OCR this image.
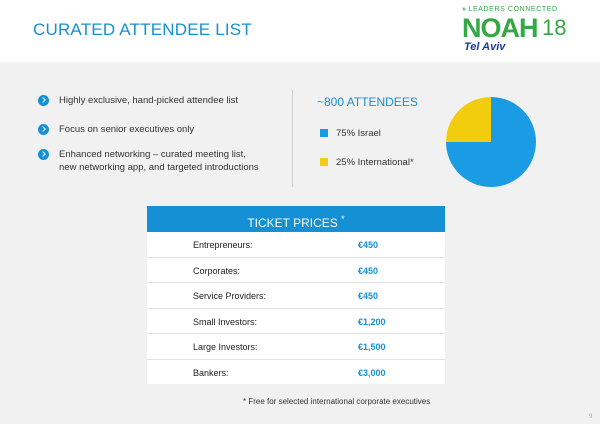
CURATED ATTENDEE LIST
» LEADERS CONNECTED
NOAH 18
Tel Aviv
Highly exclusive, hand-picked attendee list
Focus on senior executives only
Enhanced networking – curated meeting list,
new networking app, and targeted introductions
~800 ATTENDEES
75% Israel
25% International*
TICKET PRICES *
Entrepreneurs:	€450
Corporates:	€450
Service Providers:	€450
Small Investors:	€1,200
Large Investors:	€1,500
Bankers:	€3,000
* Free for selected international corporate executives
9
